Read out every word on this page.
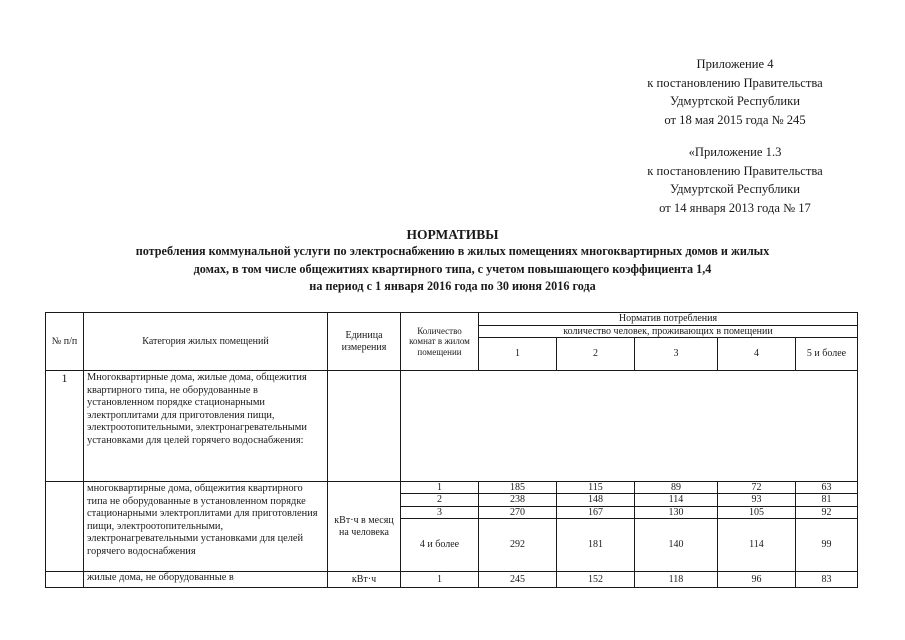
Приложение 4
к постановлению Правительства
Удмуртской Республики
от 18 мая 2015 года № 245
«Приложение 1.3
к постановлению Правительства
Удмуртской Республики
от 14 января 2013 года № 17
НОРМАТИВЫ
потребления коммунальной услуги по электроснабжению в жилых помещениях многоквартирных домов и жилых
домах, в том числе общежитиях квартирного типа, с учетом повышающего коэффициента 1,4
на период с 1 января 2016 года по 30 июня 2016 года
№ п/п	Категория жилых помещений	Единица измерения	Количество комнат в жилом помещении	Норматив потребления				
				количество человек, проживающих в помещении				
				1	2	3	4	5 и более
1	Многоквартирные дома, жилые дома, общежития квартирного типа, не оборудованные в установленном порядке стационарными электроплитами для приготовления пищи, электроотопительными, электронагревательными установками для целей горячего водоснабжения:							
	многоквартирные дома, общежития квартирного типа не оборудованные в установленном порядке стационарными электроплитами для приготовления пищи, электроотопительными, электронагревательными установками для целей горячего водоснабжения	кВт·ч в месяц на человека	1	185	115	89	72	63
			2	238	148	114	93	81
			3	270	167	130	105	92
			4 и более	292	181	140	114	99

	жилые дома, не оборудованные в	кВт·ч	1	245	152	118	96	83
